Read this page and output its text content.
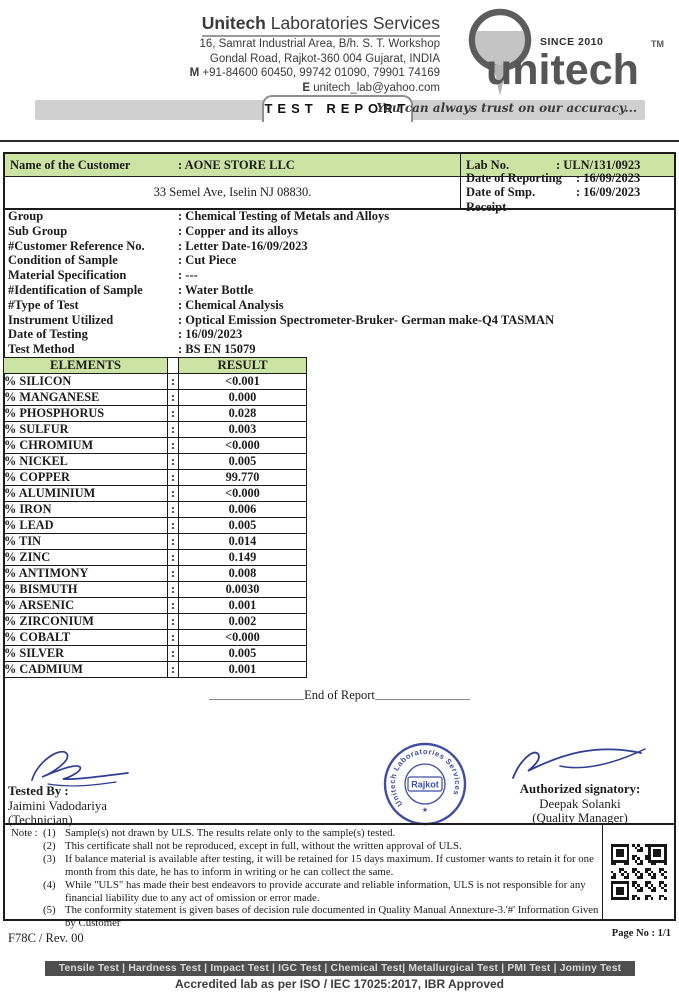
Unitech Laboratories Services
16, Samrat Industrial Area, B/h. S. T. Workshop
Gondal Road, Rajkot-360 004 Gujarat, INDIA
M +91-84600 60450, 99742 01090, 79901 74169
E unitech_lab@yahoo.com
SINCE 2010	TM
unitech
TEST REPORT
You can always trust on our accuracy...
Name of the Customer	: AONE STORE LLC	Lab No.	: ULN/131/0923
33 Semel Ave, Iselin NJ 08830.
Date of Reporting	: 16/09/2023
Date of Smp. Receipt
: 16/09/2023
Group	: Chemical Testing of Metals and Alloys
Sub Group	: Copper and its alloys
#Customer Reference No.	: Letter Date-16/09/2023
Condition of Sample	: Cut Piece
Material Specification	: ---
#Identification of Sample	: Water Bottle
#Type of Test	: Chemical Analysis
Instrument Utilized	: Optical Emission Spectrometer-Bruker- German make-Q4 TASMAN
Date of Testing	: 16/09/2023
Test Method	: BS EN 15079
ELEMENTS		RESULT
% SILICON	:	<0.001
% MANGANESE	:	0.000
% PHOSPHORUS	:	0.028
% SULFUR	:	0.003
% CHROMIUM	:	<0.000
% NICKEL	:	0.005
% COPPER	:	99.770
% ALUMINIUM	:	<0.000
% IRON	:	0.006
% LEAD	:	0.005
% TIN	:	0.014
% ZINC	:	0.149
% ANTIMONY	:	0.008
% BISMUTH	:	0.0030
% ARSENIC	:	0.001
% ZIRCONIUM	:	0.002
% COBALT	:	<0.000
% SILVER	:	0.005
% CADMIUM	:	0.001
End of Report
Tested By :
Jaimini Vadodariya
(Technician)
Unitech Laboratories Services
Rajkot
★
Authorized signatory:
Deepak Solanki
(Quality Manager)
Note : (1) Sample(s) not drawn by ULS. The results relate only to the sample(s) tested.
(2) This certificate shall not be reproduced, except in full, without the written approval of ULS.
(3) If balance material is available after testing, it will be retained for 15 days maximum. If customer wants to retain it for one month from this date, he has to inform in writing or he can collect the same.
(4) While "ULS" has made their best endeavors to provide accurate and reliable information, ULS is not responsible for any financial liability due to any act of omission or error made.
(5) The conformity statement is given bases of decision rule documented in Quality Manual Annexture-3.'#' Information Given by Customer
F78C / Rev. 00	Page No : 1/1
Tensile Test | Hardness Test | Impact Test | IGC Test | Chemical Test| Metallurgical Test | PMI Test | Jominy Test
Accredited lab as per ISO / IEC 17025:2017, IBR Approved
